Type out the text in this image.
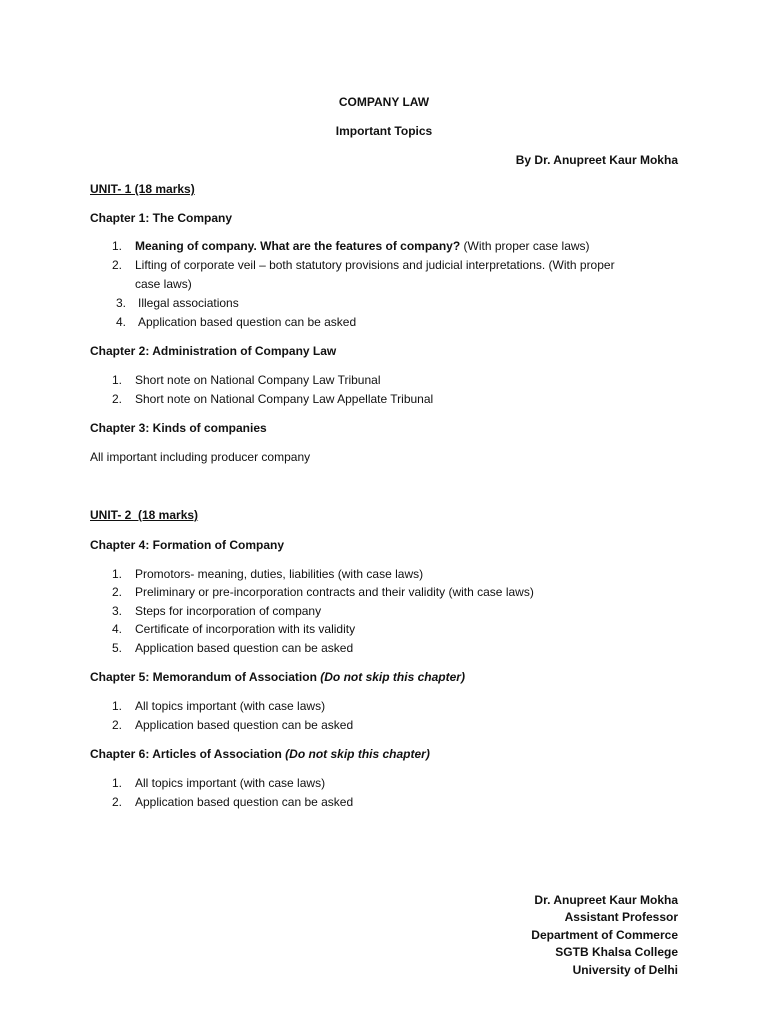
COMPANY LAW
Important Topics
By Dr. Anupreet Kaur Mokha
UNIT- 1 (18 marks)
Chapter 1: The Company
1. Meaning of company. What are the features of company? (With proper case laws)
2. Lifting of corporate veil – both statutory provisions and judicial interpretations. (With proper
case laws)
3. Illegal associations
4. Application based question can be asked
Chapter 2: Administration of Company Law
1. Short note on National Company Law Tribunal
2. Short note on National Company Law Appellate Tribunal
Chapter 3: Kinds of companies
All important including producer company
UNIT- 2  (18 marks)
Chapter 4: Formation of Company
1. Promotors- meaning, duties, liabilities (with case laws)
2. Preliminary or pre-incorporation contracts and their validity (with case laws)
3. Steps for incorporation of company
4. Certificate of incorporation with its validity
5. Application based question can be asked
Chapter 5: Memorandum of Association (Do not skip this chapter)
1. All topics important (with case laws)
2. Application based question can be asked
Chapter 6: Articles of Association (Do not skip this chapter)
1. All topics important (with case laws)
2. Application based question can be asked
Dr. Anupreet Kaur Mokha
Assistant Professor
Department of Commerce
SGTB Khalsa College
University of Delhi
